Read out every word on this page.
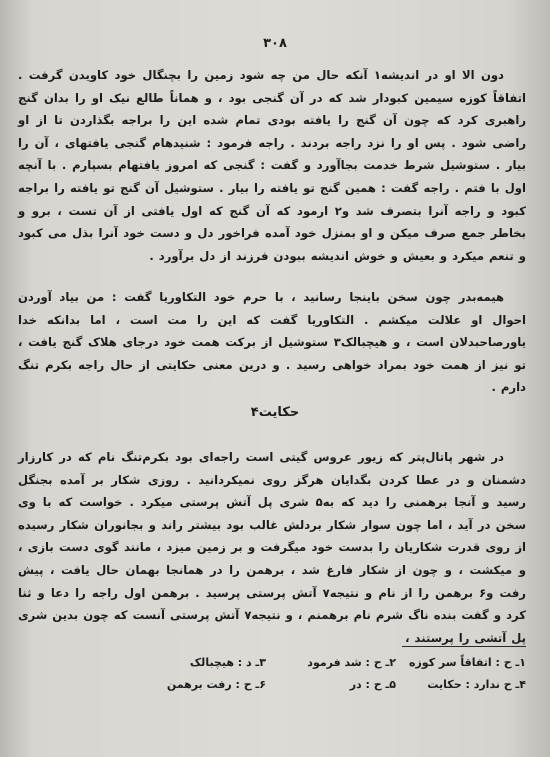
۳۰۸

دون الا او در اندیشه۱ آنکه حال من چه شود زمین را بچنگال خود کاویدن گرفت . اتفاقاً کوزه سیمین کبودار شد که در آن گنجی بود ، و هماناً طالع نیک او را بدان گنج راهبری کرد که چون آن گنج را یافته بودی تمام شده این را براجه بگذاردن تا از او راضی شود . پس او را نزد راجه بردند . راجه فرمود : شنیدهام گنجی یافتهای ، آن را بیار . ستوشیل شرط خدمت بجاآورد و گفت : گنجی که امروز یافتهام بسپارم . با آنچه اول با فتم . راجه گفت : همین گنج تو یافته را بیار . ستوشیل آن گنج تو یافته را براجه کبود و راجه آنرا بتصرف شد و۲ ارمود که آن گنج که اول یافتی از آن تست ، برو و بخاطر جمع صرف میکن و او بمنزل خود آمده فراخور دل و دست خود آنرا بذل می کبود و تنعم میکرد و بعیش و خوش اندیشه ببودن فرزند از دل برآورد .

هیمه‌بدر چون سخن باینجا رسانید ، با حرم خود التکاوریا گفت : من بیاد آوردن احوال او علالت میکشم . التکاوریا گفت که این را مت است ، اما بدانکه خدا یاورصاحبدلان است ، و هیچبالک۳ ستوشیل از برکت همت خود درجای هلاک گنج یافت ، تو نیز از همت خود بمراد خواهی رسید . و درین معنی حکایتی از حال راجه بکرم تنگ دارم .

حکایت۴

در شهر پاتال‌پتر که زیور عروس گیتی است راجه‌ای بود بکرم‌تنگ نام که در کارزار دشمنان و در عطا کردن بگدایان هرگز روی نمیکردانید . روزی شکار بر آمده بجنگل رسید و آنجا برهمنی را دید که به۵ شری پل آتش پرستی میکرد . خواست که با وی سخن در آید ، اما چون سوار شکار بردلش غالب بود بیشتر راند و بجانوران شکار رسیده از روی قدرت شکاریان را بدست خود میگرفت و بر زمین میزد ، مانند گوی دست بازی ، و میکشت ، و چون از شکار فارغ شد ، برهمن را در همانجا بهمان حال یافت ، پیش رفت و۶ برهمن را از نام و نتیجه۷ آتش پرستی پرسید . برهمن اول راجه را دعا و ثنا کرد و گفت بنده ناگ شرم نام برهمنم ، و نتیجه۷ آتش پرستی آنست که چون بدین شری پل آتشی را پرستند ،

۱ـ ح : اتفاقاً سر کوزه
۲ـ ح : شد فرمود
۳ـ د : هیچبالک
۴ـ ح ندارد : حکایت
۵ـ ح : در
۶ـ ح : رفت برهمن
